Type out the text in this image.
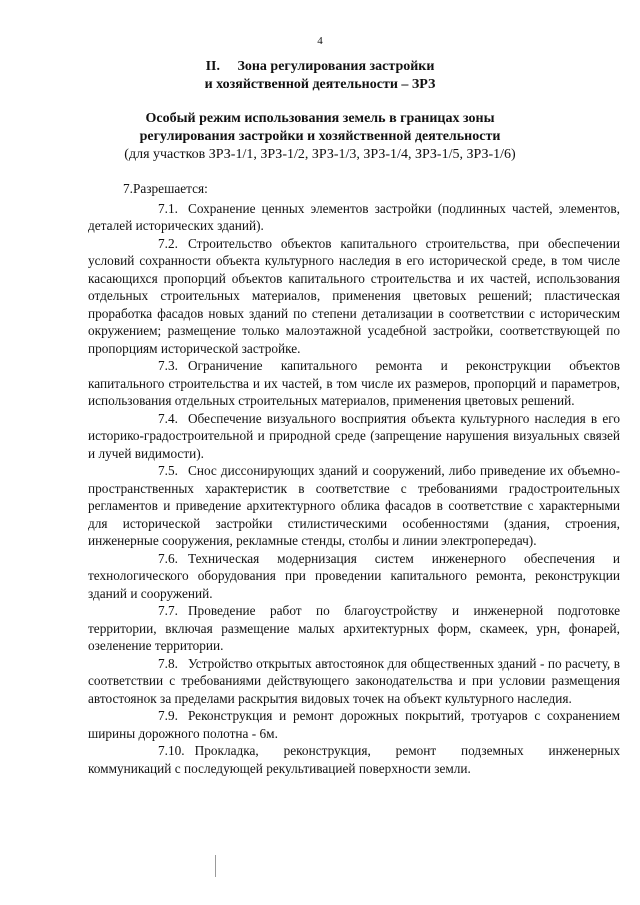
4
II. Зона регулирования застройки
и хозяйственной деятельности – ЗРЗ
Особый режим использования земель в границах зоны
регулирования застройки и хозяйственной деятельности
(для участков ЗРЗ-1/1, ЗРЗ-1/2, ЗРЗ-1/3, ЗРЗ-1/4, ЗРЗ-1/5, ЗРЗ-1/6)

7.Разрешается:

7.1. Сохранение ценных элементов застройки (подлинных частей, элементов, деталей исторических зданий).

7.2. Строительство объектов капитального строительства, при обеспечении условий сохранности объекта культурного наследия в его исторической среде, в том числе касающихся пропорций объектов капитального строительства и их частей, использования отдельных строительных материалов, применения цветовых решений; пластическая проработка фасадов новых зданий по степени детализации в соответствии с историческим окружением; размещение только малоэтажной усадебной застройки, соответствующей по пропорциям исторической застройке.

7.3. Ограничение капитального ремонта и реконструкции объектов капитального строительства и их частей, в том числе их размеров, пропорций и параметров, использования отдельных строительных материалов, применения цветовых решений.

7.4. Обеспечение визуального восприятия объекта культурного наследия в его историко-градостроительной и природной среде (запрещение нарушения визуальных связей и лучей видимости).

7.5. Снос диссонирующих зданий и сооружений, либо приведение их объемно-пространственных характеристик в соответствие с требованиями градостроительных регламентов и приведение архитектурного облика фасадов в соответствие с характерными для исторической застройки стилистическими особенностями (здания, строения, инженерные сооружения, рекламные стенды, столбы и линии электропередач).

7.6. Техническая модернизация систем инженерного обеспечения и технологического оборудования при проведении капитального ремонта, реконструкции зданий и сооружений.

7.7. Проведение работ по благоустройству и инженерной подготовке территории, включая размещение малых архитектурных форм, скамеек, урн, фонарей, озеленение территории.

7.8. Устройство открытых автостоянок для общественных зданий - по расчету, в соответствии с требованиями действующего законодательства и при условии размещения автостоянок за пределами раскрытия видовых точек на объект культурного наследия.

7.9. Реконструкция и ремонт дорожных покрытий, тротуаров с сохранением ширины дорожного полотна - 6м.

7.10. Прокладка, реконструкция, ремонт подземных инженерных коммуникаций с последующей рекультивацией поверхности земли.
